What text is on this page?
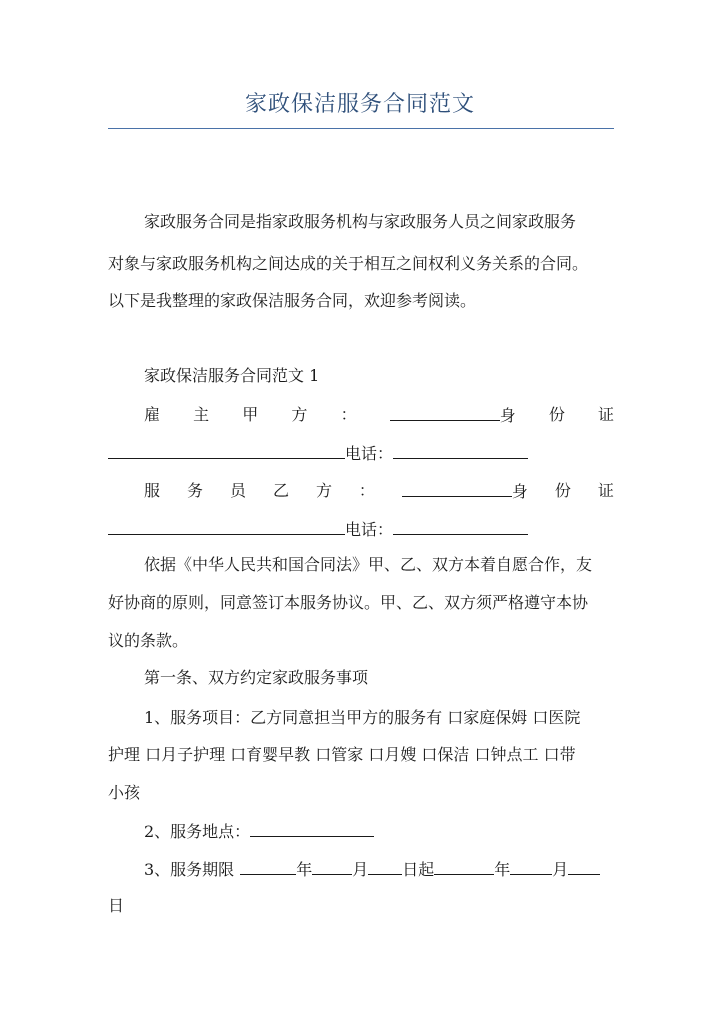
家政保洁服务合同范文
家政服务合同是指家政服务机构与家政服务人员之间家政服务
对象与家政服务机构之间达成的关于相互之间权利义务关系的合同。
以下是我整理的家政保洁服务合同，欢迎参考阅读。
家政保洁服务合同范文 1
雇 主 甲 方 ：	身 份 证
电话：
服 务 员 乙 方 ：	身 份 证
电话：
依据《中华人民共和国合同法》甲、乙、双方本着自愿合作，友
好协商的原则，同意签订本服务协议。甲、乙、双方须严格遵守本协
议的条款。
第一条、双方约定家政服务事项
1、服务项目：乙方同意担当甲方的服务有 口家庭保姆 口医院
护理 口月子护理 口育婴早教 口管家 口月嫂 口保洁 口钟点工 口带
小孩
2、服务地点：
3、服务期限	年	月 日起	年	月
日
